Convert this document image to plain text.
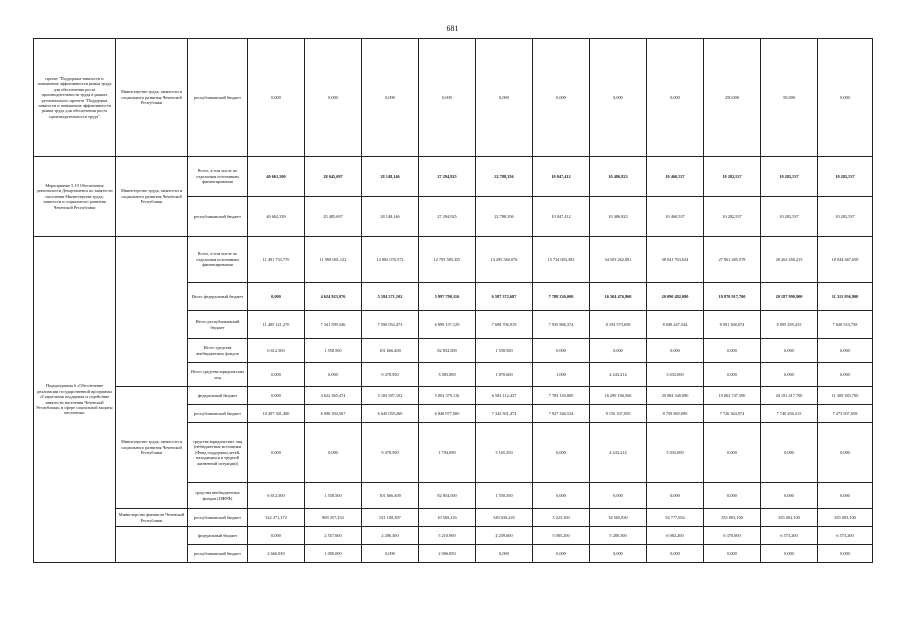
681
проект "Поддержка занятости и повышение эффективности рынка труда для обеспечения роста производительности труда в рамках регионального проекта "Поддержка занятости и повышение эффективности рынка труда для обеспечения роста производительности труда"	Министерство труда, занятости и социального развития Чеченской Республики	республиканский бюджет	0,000	0,000	0,000	0,000	0,000	0,000	0,000	0,000	250,000	50,000	0,000
Мероприятие 5.19 Обеспечение деятельности Департамента по занятости населения Министерства труда, занятости и социального развития Чеченской Республики	Министерство труда, занятости и социального развития Чеченской Республики	Всего, в том числе по отдельным источникам финансирования	40 661,500	28 645,697	28 148,146	27 294,925	22 788,356	10 047,412	10 486,823	10 460,537	10 282,537	10 282,537	10 282,537
		республиканский бюджет	40 662,339	25 485,697	28 148,146	27 294,925	22 788,356	10 047,412	10 486,823	10 460,537	10 282,537	10 282,537	10 282,537
Подпрограмма 6 «Обеспечение реализации государственной программы «Социальная поддержка и содействие занятости населения Чеченской Республики» в сфере социальной защиты населения»		Всего, в том числе по отдельным источникам финансирования	11 491 733,770	11 968 081,122	12 882 076,573	12 795 585,355	14 295 560,076	15 734 003,383	34 503 262,881	38 941 763,624	27 961 485,578	28 263 456,215	18 944 467,658
		Итого федеральный бюджет	0,000	4 624 923,976	5 184 571,102	5 997 790,116	6 587 372,687	7 788 236,000	16 304 476,860	20 090 482,080	19 870 917,700	20 187 990,900	11 315 956,900
		Итого республиканский бюджет	11 485 121,270	7 341 599,346	7 590 052,473	6 899 157,129	7 698 706,919	7 935 866,374	8 194 573,658	8 848 247,544	8 091 368,074	8 095 459,415	7 628 510,758
		Итого средства внебюджетных фондов	6 612,500	1 558,500	101 666,400	82 854,500	1 558,500	0,000	0,000	0,000	0,000	0,000	0,000
		Итого средства юридических лиц	0,000	0,000	9 478,500	3 083,800	1 870,600	1,000	4 243,214	3 033,000	0,000	0,000	0,000
	Министерство труда, занятости и социального развития Чеченской Республики	федеральный бюджет	0,000	4 622 365,474	5 183 587,102	5 802 379,116	6 583 112,437	7 783 150,800	16 299 196,560	20 084 340,080	19 863 747,500	20 181 417,700	11 309 383,700
		республиканский бюджет	10 497 301,400	6 006 394,567	6 645 059,260	6 848 977,000	7 342 301,474	7 927 346,524	8 156 337,050	8 759 865,690	7 726 364,974	7 740 456,215	7 273 507,658
		средства юридических лиц (небюджетные источники (Фонд поддержки детей, находящихся в трудной жизненной ситуации))	0,000	0,000	9 478,500	1 794,690	3 165,350	0,000	4 243,214	5 033,000	0,000	0,000	0,000
		средства внебюджетных фондов (ПФРФ)	6 612,500	1 558,500	101 666,400	82 854,500	1 558,500	0,000	0,000	0,000	0,000	0,000	0,000
	Министерство финансов Чеченской Республики	республиканский бюджет	522 371,172	869 357,253	521 108,387	10 569,216	349 036,245	3 223,100	34 565,830	54 777,654	355 003,100	355 002,100	355 003,100
		федеральный бюджет	0,000	2 557,600	2 286,300	5 210,900	4 259,600	5 085,200	5 280,300	6 082,200	6 370,000	6 573,200	6 573,200
		республиканский бюджет	2 666,030	1 000,000	0,000	2 006,850	0,000	0,000	0,000	0,000	0,000	0,000	0,000
